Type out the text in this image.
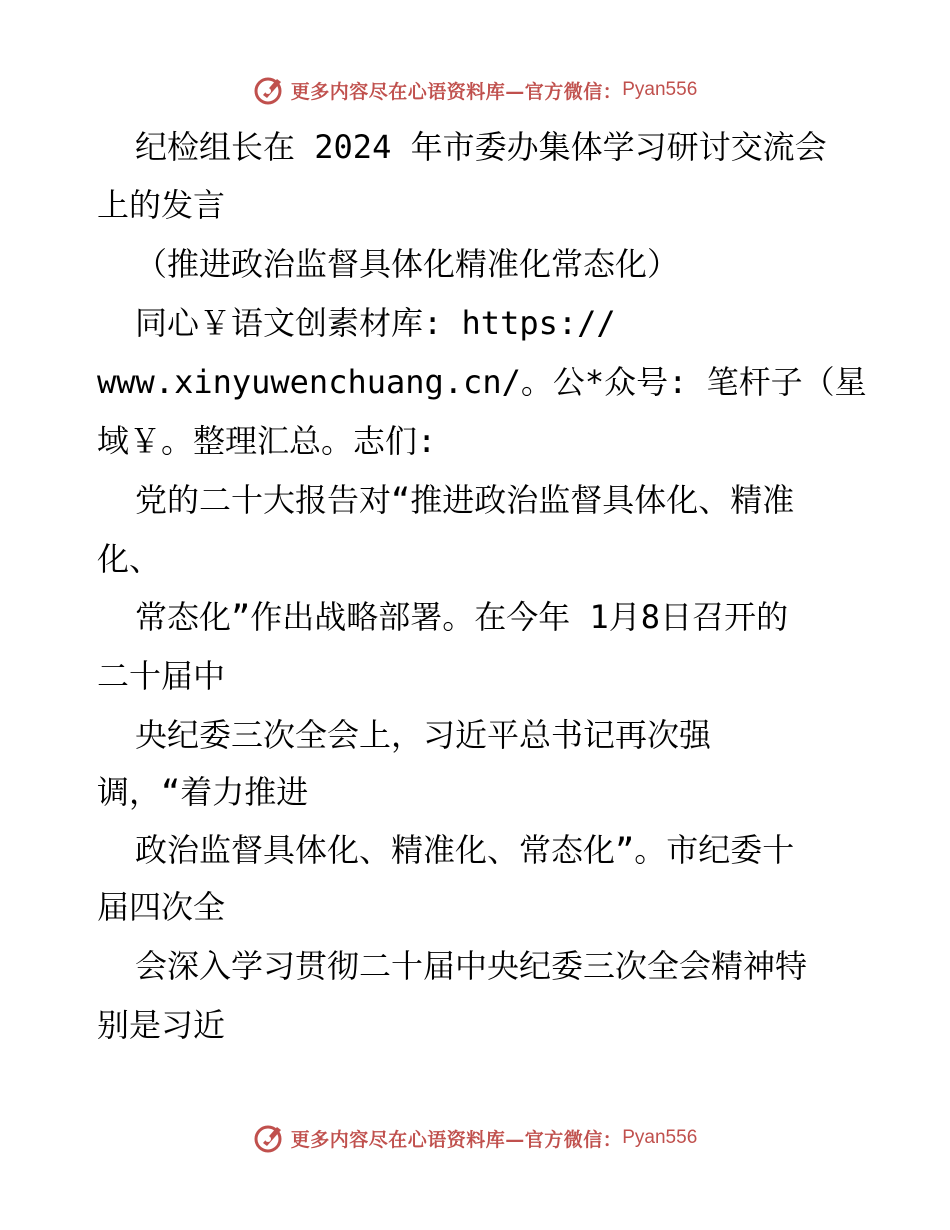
更多内容尽在心语资料库—官方微信： Pyan556
纪检组长在 2024 年市委办集体学习研讨交流会
上的发言
（推进政治监督具体化精准化常态化）
同心￥语文创素材库: https://
www.xinyuwenchuang.cn/。公*众号: 笔杆子（星
域￥。整理汇总。志们:
党的二十大报告对“推进政治监督具体化、精准
化、
常态化”作出战略部署。在今年 1月8日召开的
二十届中
央纪委三次全会上，习近平总书记再次强
调，“着力推进
政治监督具体化、精准化、常态化”。市纪委十
届四次全
会深入学习贯彻二十届中央纪委三次全会精神特
别是习近
更多内容尽在心语资料库—官方微信： Pyan556
